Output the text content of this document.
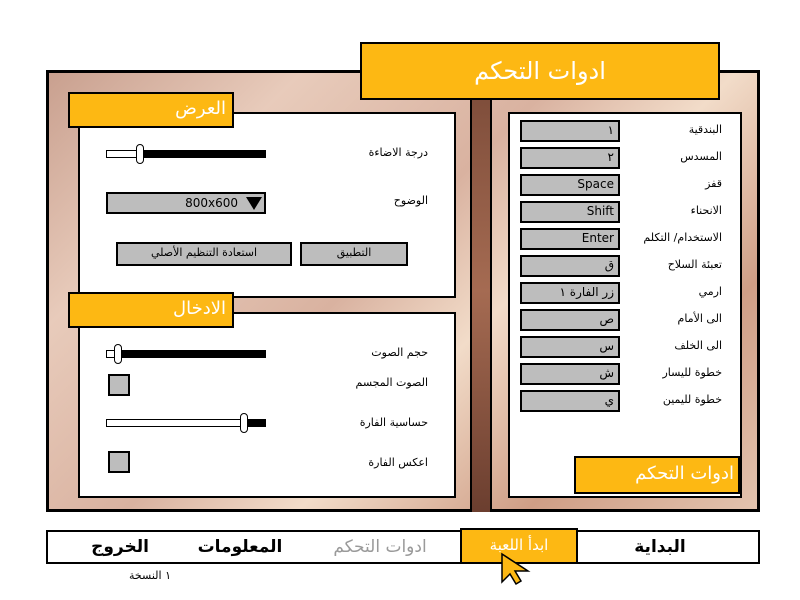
ادوات التحكم
العرض
درجة الاضاءة
الوضوح
800x600
استعادة التنظيم الأصلي	التطبيق
الادخال
حجم الصوت
الصوت المجسم
حساسية الفارة
اعكس الفارة
١	البندقية
٢	المسدس
Space	قفز
Shift	الانحناء
Enter	الاستخدام/ التكلم
ق	تعبئة السلاح
زر الفارة ١	ارمي
ص	الى الأمام
س	الى الخلف
ش	خطوة لليسار
ي	خطوة لليمين
ادوات التحكم
البداية
ابدأ اللعبة
ادوات التحكم
المعلومات
الخروج
١ النسخة
